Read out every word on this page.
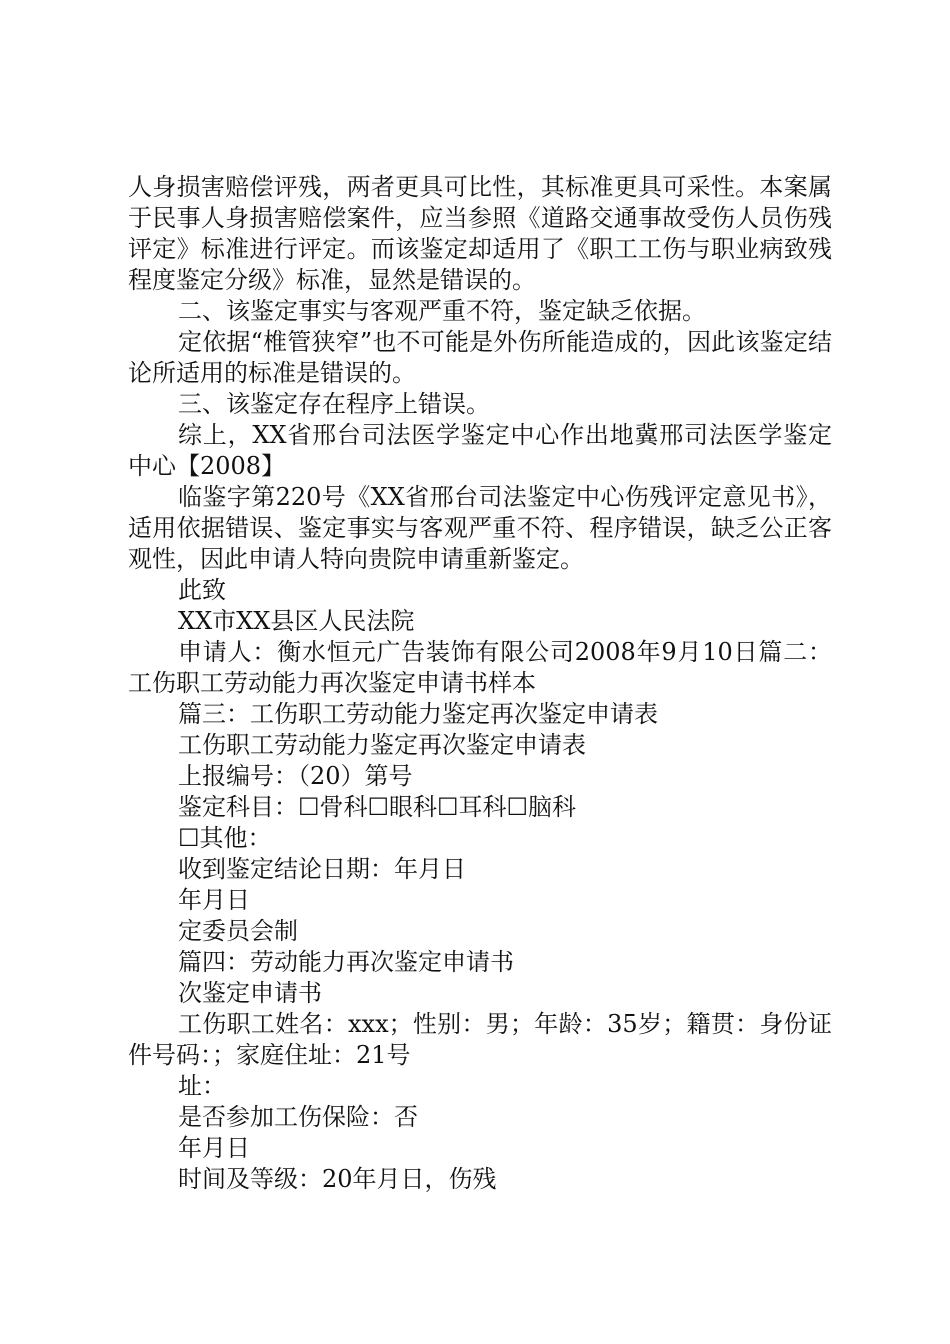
人身损害赔偿评残，两者更具可比性，其标准更具可采性。本案属于民事人身损害赔偿案件，应当参照《道路交通事故受伤人员伤残评定》标准进行评定。而该鉴定却适用了《职工工伤与职业病致残程度鉴定分级》标准，显然是错误的。

二、该鉴定事实与客观严重不符，鉴定缺乏依据。

定依据“椎管狭窄”也不可能是外伤所能造成的，因此该鉴定结论所适用的标准是错误的。

三、该鉴定存在程序上错误。

综上，XX省邢台司法医学鉴定中心作出地冀邢司法医学鉴定中心【2008】

临鉴字第220号《XX省邢台司法鉴定中心伤残评定意见书》，适用依据错误、鉴定事实与客观严重不符、程序错误，缺乏公正客观性，因此申请人特向贵院申请重新鉴定。

此致

XX市XX县区人民法院

申请人：衡水恒元广告装饰有限公司2008年9月10日篇二：工伤职工劳动能力再次鉴定申请书样本

篇三：工伤职工劳动能力鉴定再次鉴定申请表

工伤职工劳动能力鉴定再次鉴定申请表

上报编号：（20）第号

鉴定科目：☐骨科☐眼科☐耳科☐脑科

☐其他：

收到鉴定结论日期：年月日

年月日

定委员会制

篇四：劳动能力再次鉴定申请书

次鉴定申请书

工伤职工姓名：xxx；性别：男；年龄：35岁；籍贯：身份证件号码：；家庭住址：21号

址：

是否参加工伤保险：否

年月日

时间及等级：20年月日，伤残
